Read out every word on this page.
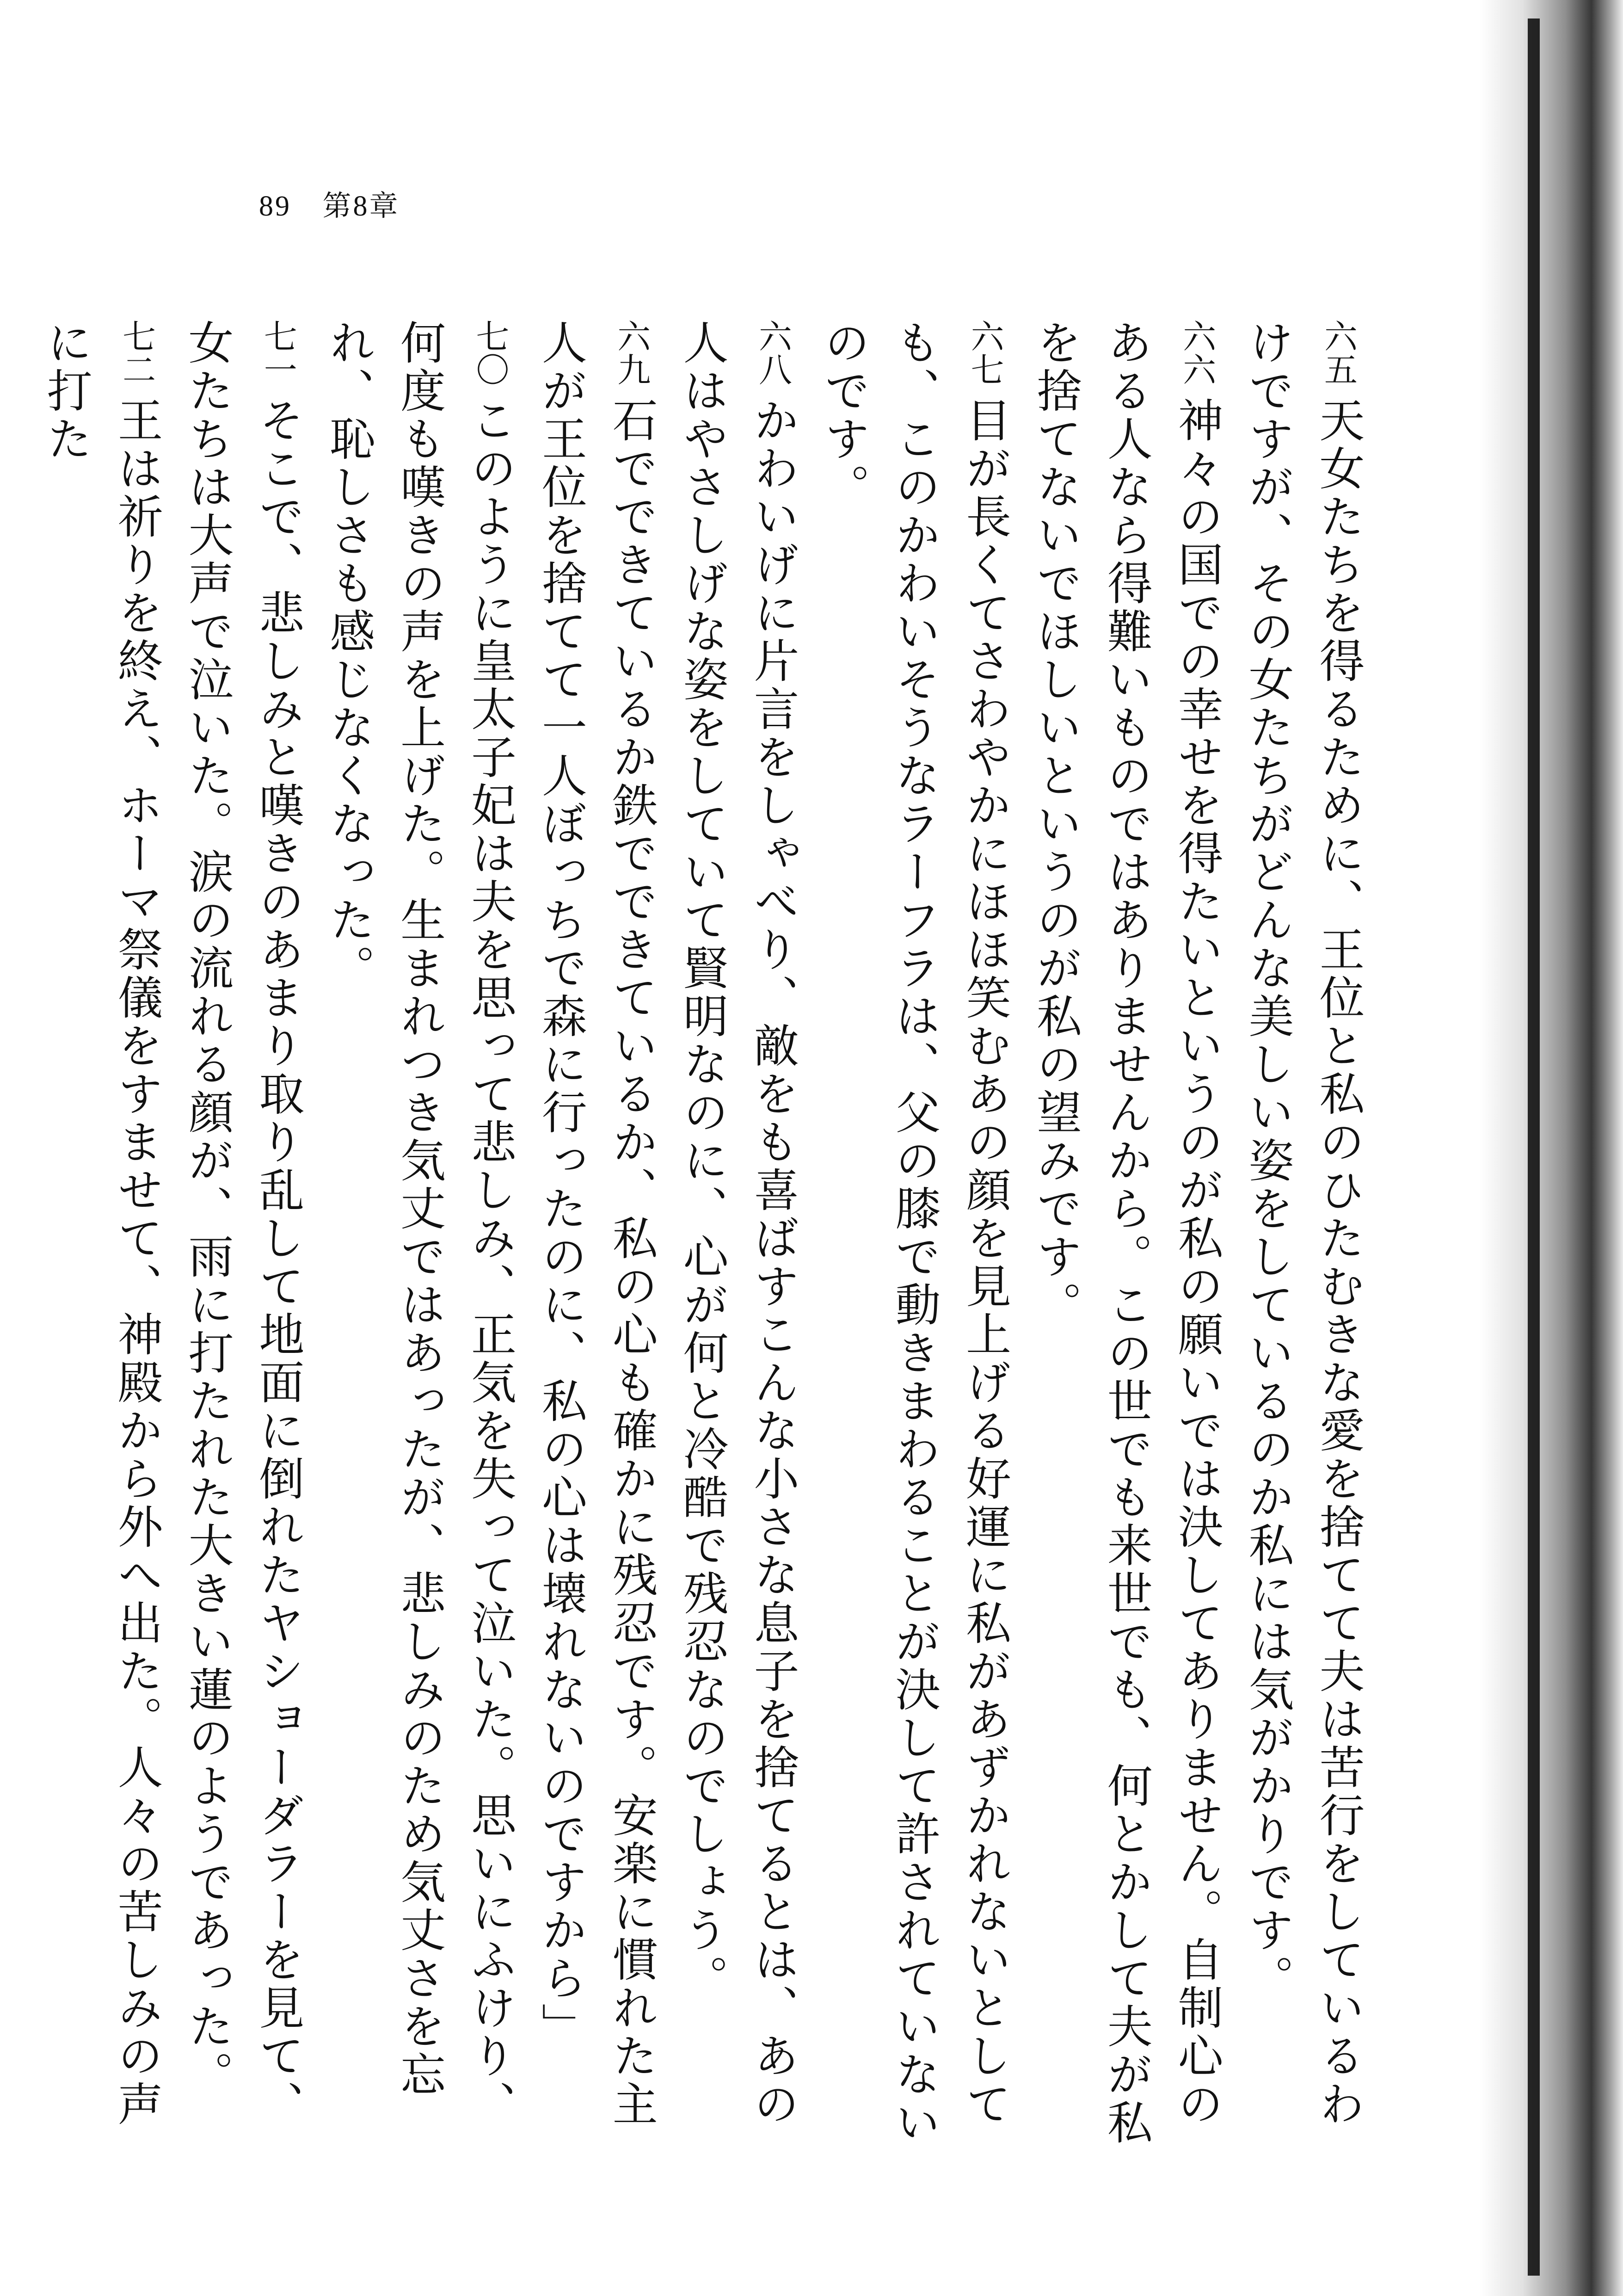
89 第8章

六五天女たちを得るために、王位と私のひたむきな愛を捨てて夫は苦行をしているわけですが、その女たちがどんな美しい姿をしているのか私には気がかりです。

六六神々の国での幸せを得たいというのが私の願いでは決してありません。自制心のある人なら得難いものではありませんから。この世でも来世でも、何とかして夫が私を捨てないでほしいというのが私の望みです。

六七目が長くてさわやかにほほ笑むあの顔を見上げる好運に私があずかれないとしても、このかわいそうなラーフラは、父の膝で動きまわることが決して許されていないのです。

六八かわいげに片言をしゃべり、敵をも喜ばすこんな小さな息子を捨てるとは、あの人はやさしげな姿をしていて賢明なのに、心が何と冷酷で残忍なのでしょう。

六九石でできているか鉄でできているか、私の心も確かに残忍です。安楽に慣れた主人が王位を捨てて一人ぼっちで森に行ったのに、私の心は壊れないのですから」

七〇このように皇太子妃は夫を思って悲しみ、正気を失って泣いた。思いにふけり、何度も嘆きの声を上げた。生まれつき気丈ではあったが、悲しみのため気丈さを忘れ、恥しさも感じなくなった。

七一そこで、悲しみと嘆きのあまり取り乱して地面に倒れたヤショーダラーを見て、女たちは大声で泣いた。涙の流れる顔が、雨に打たれた大きい蓮のようであった。

七二王は祈りを終え、ホーマ祭儀をすませて、神殿から外へ出た。人々の苦しみの声に打た
